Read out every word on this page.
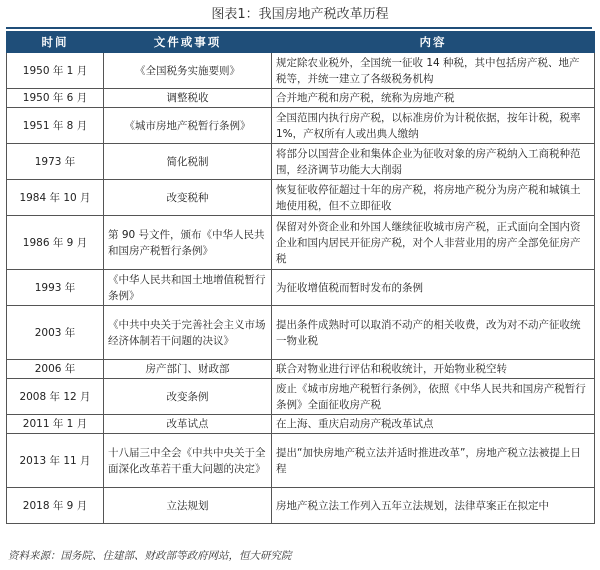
图表1：我国房地产税改革历程
时间	文件或事项	内容
1950 年 1 月	《全国税务实施要则》	规定除农业税外，全国统一征收 14 种税，其中包括房产税、地产税等，并统一建立了各级税务机构
1950 年 6 月	调整税收	合并地产税和房产税，统称为房地产税
1951 年 8 月	《城市房地产税暂行条例》	全国范围内执行房产税，以标准房价为计税依据，按年计税，税率 1%，产权所有人或出典人缴纳
1973 年	简化税制	将部分以国营企业和集体企业为征收对象的房产税纳入工商税种范围，经济调节功能大大削弱
1984 年 10 月	改变税种	恢复征收停征超过十年的房产税，将房地产税分为房产税和城镇土地使用税，但不立即征收
1986 年 9 月	第 90 号文件，颁布《中华人民共和国房产税暂行条例》	保留对外资企业和外国人继续征收城市房产税，正式面向全国内资企业和国内居民开征房产税，对个人非营业用的房产全部免征房产税
1993 年	《中华人民共和国土地增值税暂行条例》	为征收增值税而暂时发布的条例
2003 年	《中共中央关于完善社会主义市场经济体制若干问题的决议》	提出条件成熟时可以取消不动产的相关收费，改为对不动产征收统一物业税
2006 年	房产部门、财政部	联合对物业进行评估和税收统计，开始物业税空转
2008 年 12 月	改变条例	废止《城市房地产税暂行条例》，依照《中华人民共和国房产税暂行条例》全面征收房产税
2011 年 1 月	改革试点	在上海、重庆启动房产税改革试点
2013 年 11 月	十八届三中全会《中共中央关于全面深化改革若干重大问题的决定》	提出“加快房地产税立法并适时推进改革”，房地产税立法被提上日程
2018 年 9 月	立法规划	房地产税立法工作列入五年立法规划，法律草案正在拟定中
资料来源：国务院、住建部、财政部等政府网站，恒大研究院
